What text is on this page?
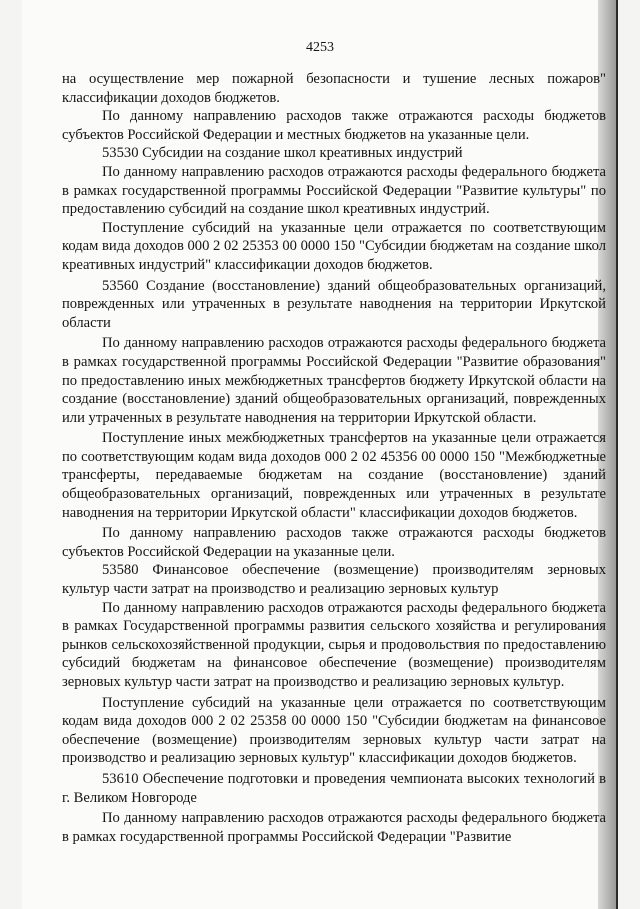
4253

на осуществление мер пожарной безопасности и тушение лесных пожаров" классификации доходов бюджетов.

По данному направлению расходов также отражаются расходы бюджетов субъектов Российской Федерации и местных бюджетов на указанные цели.

53530 Субсидии на создание школ креативных индустрий

По данному направлению расходов отражаются расходы федерального бюджета в рамках государственной программы Российской Федерации "Развитие культуры" по предоставлению субсидий на создание школ креативных индустрий.

Поступление субсидий на указанные цели отражается по соответствующим кодам вида доходов 000 2 02 25353 00 0000 150 "Субсидии бюджетам на создание школ креативных индустрий" классификации доходов бюджетов.

53560 Создание (восстановление) зданий общеобразовательных организаций, поврежденных или утраченных в результате наводнения на территории Иркутской области

По данному направлению расходов отражаются расходы федерального бюджета в рамках государственной программы Российской Федерации "Развитие образования" по предоставлению иных межбюджетных трансфертов бюджету Иркутской области на создание (восстановление) зданий общеобразовательных организаций, поврежденных или утраченных в результате наводнения на территории Иркутской области.

Поступление иных межбюджетных трансфертов на указанные цели отражается по соответствующим кодам вида доходов 000 2 02 45356 00 0000 150 "Межбюджетные трансферты, передаваемые бюджетам на создание (восстановление) зданий общеобразовательных организаций, поврежденных или утраченных в результате наводнения на территории Иркутской области" классификации доходов бюджетов.

По данному направлению расходов также отражаются расходы бюджетов субъектов Российской Федерации на указанные цели.

53580 Финансовое обеспечение (возмещение) производителям зерновых культур части затрат на производство и реализацию зерновых культур

По данному направлению расходов отражаются расходы федерального бюджета в рамках Государственной программы развития сельского хозяйства и регулирования рынков сельскохозяйственной продукции, сырья и продовольствия по предоставлению субсидий бюджетам на финансовое обеспечение (возмещение) производителям зерновых культур части затрат на производство и реализацию зерновых культур.

Поступление субсидий на указанные цели отражается по соответствующим кодам вида доходов 000 2 02 25358 00 0000 150 "Субсидии бюджетам на финансовое обеспечение (возмещение) производителям зерновых культур части затрат на производство и реализацию зерновых культур" классификации доходов бюджетов.

53610 Обеспечение подготовки и проведения чемпионата высоких технологий в г. Великом Новгороде

По данному направлению расходов отражаются расходы федерального бюджета в рамках государственной программы Российской Федерации "Развитие
